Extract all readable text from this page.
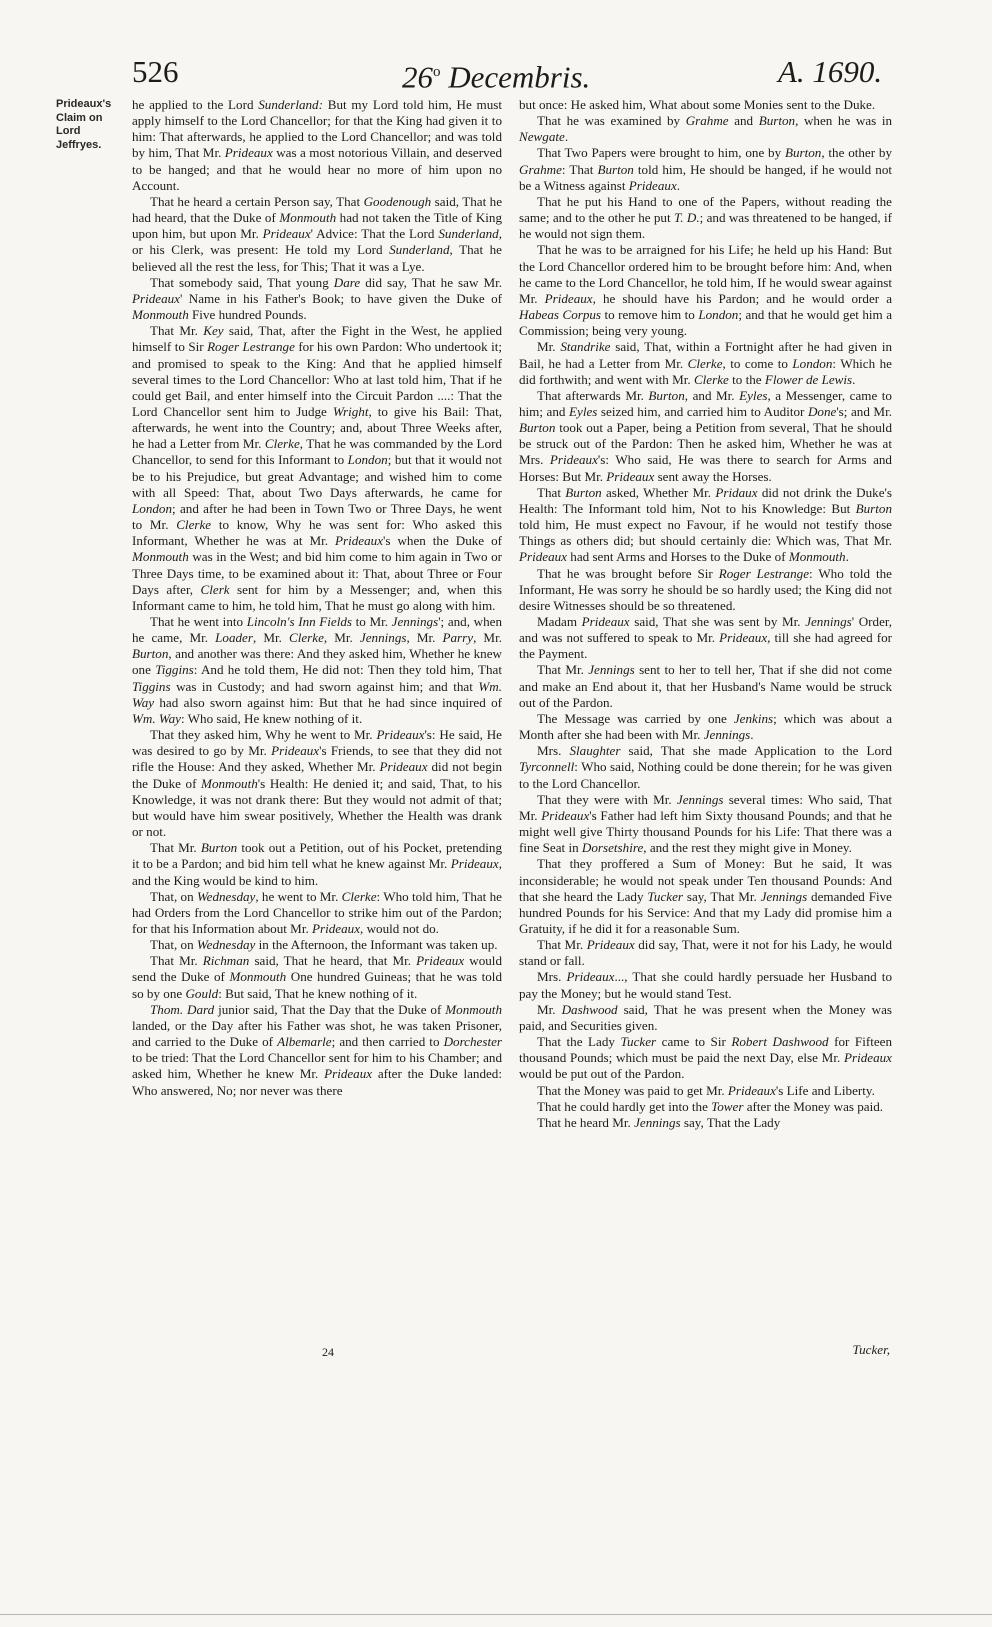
526	26$^o$ Decembris.	A. 1690.
Prideaux's Claim on Lord Jeffryes.

he applied to the Lord Sunderland: But my Lord told him, He must apply himself to the Lord Chancellor; for that the King had given it to him: That afterwards, he applied to the Lord Chancellor; and was told by him, That Mr. Prideaux was a most notorious Villain, and deserved to be hanged; and that he would hear no more of him upon no Account.

That he heard a certain Person say, That Goodenough said, That he had heard, that the Duke of Monmouth had not taken the Title of King upon him, but upon Mr. Prideaux' Advice: That the Lord Sunderland, or his Clerk, was present: He told my Lord Sunderland, That he believed all the rest the less, for This; That it was a Lye.

That somebody said, That young Dare did say, That he saw Mr. Prideaux' Name in his Father's Book; to have given the Duke of Monmouth Five hundred Pounds.

That Mr. Key said, That, after the Fight in the West, he applied himself to Sir Roger Lestrange for his own Pardon: Who undertook it; and promised to speak to the King: And that he applied himself several times to the Lord Chancellor: Who at last told him, That if he could get Bail, and enter himself into the Circuit Pardon ....: That the Lord Chancellor sent him to Judge Wright, to give his Bail: That, afterwards, he went into the Country; and, about Three Weeks after, he had a Letter from Mr. Clerke, That he was commanded by the Lord Chancellor, to send for this Informant to London; but that it would not be to his Prejudice, but great Advantage; and wished him to come with all Speed: That, about Two Days afterwards, he came for London; and after he had been in Town Two or Three Days, he went to Mr. Clerke to know, Why he was sent for: Who asked this Informant, Whether he was at Mr. Prideaux's when the Duke of Monmouth was in the West; and bid him come to him again in Two or Three Days time, to be examined about it: That, about Three or Four Days after, Clerk sent for him by a Messenger; and, when this Informant came to him, he told him, That he must go along with him.

That he went into Lincoln's Inn Fields to Mr. Jennings'; and, when he came, Mr. Loader, Mr. Clerke, Mr. Jennings, Mr. Parry, Mr. Burton, and another was there: And they asked him, Whether he knew one Tiggins: And he told them, He did not: Then they told him, That Tiggins was in Custody; and had sworn against him; and that Wm. Way had also sworn against him: But that he had since inquired of Wm. Way: Who said, He knew nothing of it.

That they asked him, Why he went to Mr. Prideaux's: He said, He was desired to go by Mr. Prideaux's Friends, to see that they did not rifle the House: And they asked, Whether Mr. Prideaux did not begin the Duke of Monmouth's Health: He denied it; and said, That, to his Knowledge, it was not drank there: But they would not admit of that; but would have him swear positively, Whether the Health was drank or not.

That Mr. Burton took out a Petition, out of his Pocket, pretending it to be a Pardon; and bid him tell what he knew against Mr. Prideaux, and the King would be kind to him.

That, on Wednesday, he went to Mr. Clerke: Who told him, That he had Orders from the Lord Chancellor to strike him out of the Pardon; for that his Information about Mr. Prideaux, would not do.

That, on Wednesday in the Afternoon, the Informant was taken up.

That Mr. Richman said, That he heard, that Mr. Prideaux would send the Duke of Monmouth One hundred Guineas; that he was told so by one Gould: But said, That he knew nothing of it.

Thom. Dard junior said, That the Day that the Duke of Monmouth landed, or the Day after his Father was shot, he was taken Prisoner, and carried to the Duke of Albemarle; and then carried to Dorchester to be tried: That the Lord Chancellor sent for him to his Chamber; and asked him, Whether he knew Mr. Prideaux after the Duke landed: Who answered, No; nor never was there

but once: He asked him, What about some Monies sent to the Duke.

That he was examined by Grahme and Burton, when he was in Newgate.

That Two Papers were brought to him, one by Burton, the other by Grahme: That Burton told him, He should be hanged, if he would not be a Witness against Prideaux.

That he put his Hand to one of the Papers, without reading the same; and to the other he put T. D.; and was threatened to be hanged, if he would not sign them.

That he was to be arraigned for his Life; he held up his Hand: But the Lord Chancellor ordered him to be brought before him: And, when he came to the Lord Chancellor, he told him, If he would swear against Mr. Prideaux, he should have his Pardon; and he would order a Habeas Corpus to remove him to London; and that he would get him a Commission; being very young.

Mr. Standrike said, That, within a Fortnight after he had given in Bail, he had a Letter from Mr. Clerke, to come to London: Which he did forthwith; and went with Mr. Clerke to the Flower de Lewis.

That afterwards Mr. Burton, and Mr. Eyles, a Messenger, came to him; and Eyles seized him, and carried him to Auditor Done's; and Mr. Burton took out a Paper, being a Petition from several, That he should be struck out of the Pardon: Then he asked him, Whether he was at Mrs. Prideaux's: Who said, He was there to search for Arms and Horses: But Mr. Prideaux sent away the Horses.

That Burton asked, Whether Mr. Pridaux did not drink the Duke's Health: The Informant told him, Not to his Knowledge: But Burton told him, He must expect no Favour, if he would not testify those Things as others did; but should certainly die: Which was, That Mr. Prideaux had sent Arms and Horses to the Duke of Monmouth.

That he was brought before Sir Roger Lestrange: Who told the Informant, He was sorry he should be so hardly used; the King did not desire Witnesses should be so threatened.

Madam Prideaux said, That she was sent by Mr. Jennings' Order, and was not suffered to speak to Mr. Prideaux, till she had agreed for the Payment.

That Mr. Jennings sent to her to tell her, That if she did not come and make an End about it, that her Husband's Name would be struck out of the Pardon.

The Message was carried by one Jenkins; which was about a Month after she had been with Mr. Jennings.

Mrs. Slaughter said, That she made Application to the Lord Tyrconnell: Who said, Nothing could be done therein; for he was given to the Lord Chancellor.

That they were with Mr. Jennings several times: Who said, That Mr. Prideaux's Father had left him Sixty thousand Pounds; and that he might well give Thirty thousand Pounds for his Life: That there was a fine Seat in Dorsetshire, and the rest they might give in Money.

That they proffered a Sum of Money: But he said, It was inconsiderable; he would not speak under Ten thousand Pounds: And that she heard the Lady Tucker say, That Mr. Jennings demanded Five hundred Pounds for his Service: And that my Lady did promise him a Gratuity, if he did it for a reasonable Sum.

That Mr. Prideaux did say, That, were it not for his Lady, he would stand or fall.

Mrs. Prideaux..., That she could hardly persuade her Husband to pay the Money; but he would stand Test.

Mr. Dashwood said, That he was present when the Money was paid, and Securities given.

That the Lady Tucker came to Sir Robert Dashwood for Fifteen thousand Pounds; which must be paid the next Day, else Mr. Prideaux would be put out of the Pardon.

That the Money was paid to get Mr. Prideaux's Life and Liberty.

That he could hardly get into the Tower after the Money was paid.

That he heard Mr. Jennings say, That the Lady

24	Tucker,
